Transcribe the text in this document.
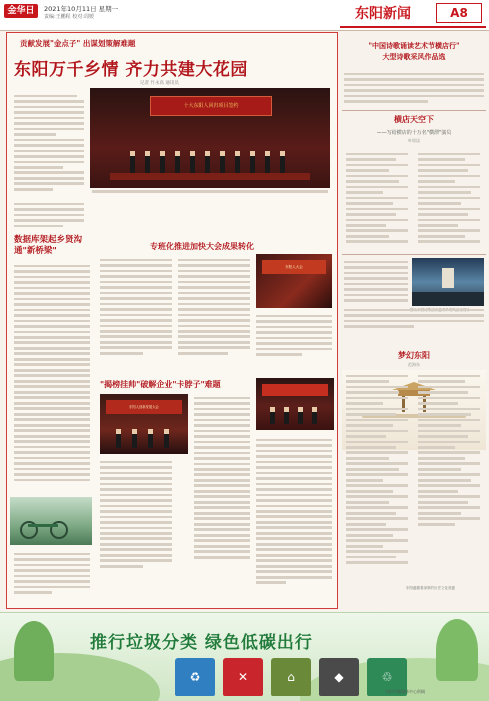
金华日报
2021年10月11日 星期一
责编:王鹏程 校对:周媛	东阳新闻	A8
贡献发展"金点子" 出谋划策解难题
东阳万千乡情 齐力共建大花园
记者 竹永高 通讯员
十大东阳人回归项目签约
数据库架起乡贤沟通"新桥梁"	专班化推进加快大会成果转化
东阳人大会
"揭榜挂帅"破解企业"卡脖子"难题
东阳人创新发展大会
"中国诗歌诵读艺术节横店行"
大型诗歌采风作品选
横店天空下
——写给横店的十万名"横漂"演员
叶琼谈
梦幻东阳
范海东
东阳蕴藏着深厚的历史文化底蕴
推行垃圾分类 绿色低碳出行
♻	✕	⌂	◆	♲
东阳市融媒体中心供稿
